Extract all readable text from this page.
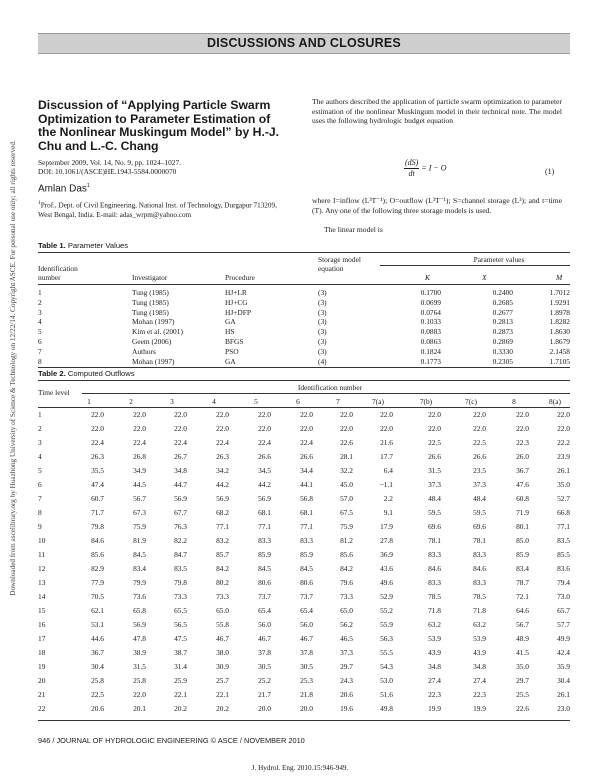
DISCUSSIONS AND CLOSURES
Downloaded from ascelibrary.org by Huazhong University of Science & Technology on 12/22/14. Copyright ASCE. For personal use only; all rights reserved.
Discussion of “Applying Particle Swarm Optimization to Parameter Estimation of the Nonlinear Muskingum Model” by H.-J. Chu and L.-C. Chang
September 2009, Vol. 14, No. 9, pp. 1024–1027.
DOI: 10.1061/(ASCE)HE.1943-5584.0000070
Amlan Das$^1$
$^1$Prof., Dept. of Civil Engineering, National Inst. of Technology, Durgapur 713209, West Bengal, India. E-mail: adas_wrpm@yahoo.com
The authors described the application of particle swarm optimization to parameter estimation of the nonlinear Muskingum model in their technical note. The model uses the following hydrologic budget equation
$\frac{(dS)}{dt} = I - O$	(1)
where I=inflow (L³T⁻¹); O=outflow (L³T⁻¹); S=channel storage (L³); and t=time (T). Any one of the following three storage models is used.
The linear model is
Table 1. Parameter Values
Identification number	Investigator	Procedure
Storage model equation
Parameter values
K	X	M
1	Tung (1985)	HJ+LR	(3)	0.1700	0.2400	1.7012
2	Tung (1985)	HJ+CG	(3)	0.0699	0.2685	1.9291
3	Tung (1985)	HJ+DFP	(3)	0.0764	0.2677	1.8978
4	Mohan (1997)	GA	(3)	0.1033	0.2813	1.8282
5	Kim et al. (2001)	HS	(3)	0.0883	0.2873	1.8630
6	Geem (2006)	BFGS	(3)	0.0863	0.2869	1.8679
7	Authors	PSO	(3)	0.1824	0.3330	2.1458
8	Mohan (1997)	GA	(4)	0.1773	0.2305	1.7105
Table 2. Computed Outflows
Time level
Identification number
1	2	3	4	5	6	7	7(a)	7(b)	7(c)	8	8(a)
1	22.0	22.0	22.0	22.0	22.0	22.0	22.0	22.0	22.0	22.0	22.0	22.0
2	22.0	22.0	22.0	22.0	22.0	22.0	22.0	22.0	22.0	22.0	22.0	22.0
3	22.4	22.4	22.4	22.4	22.4	22.4	22.6	21.6	22.5	22.5	22.3	22.2
4	26.3	26.8	26.7	26.3	26.6	26.6	28.1	17.7	26.6	26.6	26.0	23.9
5	35.5	34.9	34.8	34.2	34.5	34.4	32.2	6.4	31.5	23.5	36.7	26.1
6	47.4	44.5	44.7	44.2	44.2	44.1	45.0	−1.1	37.3	37.3	47.6	35.0
7	60.7	56.7	56.9	56.9	56.9	56.8	57.0	2.2	48.4	48.4	60.8	52.7
8	71.7	67.3	67.7	68.2	68.1	68.1	67.5	9.1	59.5	59.5	71.9	66.8
9	79.8	75.9	76.3	77.1	77.1	77.1	75.9	17.9	69.6	69.6	80.1	77.1
10	84.6	81.9	82.2	83.2	83.3	83.3	81.2	27.8	78.1	78.1	85.0	83.5
11	85.6	84.5	84.7	85.7	85.9	85.9	85.6	36.9	83.3	83.3	85.9	85.5
12	82.9	83.4	83.5	84.2	84.5	84.5	84.2	43.6	84.6	84.6	83.4	83.6
13	77.9	79.9	79.8	80.2	80.6	80.6	79.6	49.6	83.3	83.3	78.7	79.4
14	70.5	73.6	73.3	73.3	73.7	73.7	73.3	52.9	78.5	78.5	72.1	73.0
15	62.1	65.8	65.5	65.0	65.4	65.4	65.0	55.2	71.8	71.8	64.6	65.7
16	53.1	56.9	56.5	55.8	56.0	56.0	56.2	55.9	63.2	63.2	56.7	57.7
17	44.6	47.8	47.5	46.7	46.7	46.7	46.5	56.3	53.9	53.9	48.9	49.9
18	36.7	38.9	38.7	38.0	37.8	37.8	37.3	55.5	43.9	43.9	41.5	42.4
19	30.4	31.5	31.4	30.9	30.5	30.5	29.7	54.3	34.8	34.8	35.0	35.9
20	25.8	25.8	25.9	25.7	25.2	25.3	24.3	53.0	27.4	27.4	29.7	30.4
21	22.5	22.0	22.1	22.1	21.7	21.8	20.6	51.6	22.3	22.3	25.5	26.1
22	20.6	20.1	20.2	20.2	20.0	20.0	19.6	49.8	19.9	19.9	22.6	23.0
946 / JOURNAL OF HYDROLOGIC ENGINEERING © ASCE / NOVEMBER 2010
J. Hydrol. Eng. 2010.15:946-949.
